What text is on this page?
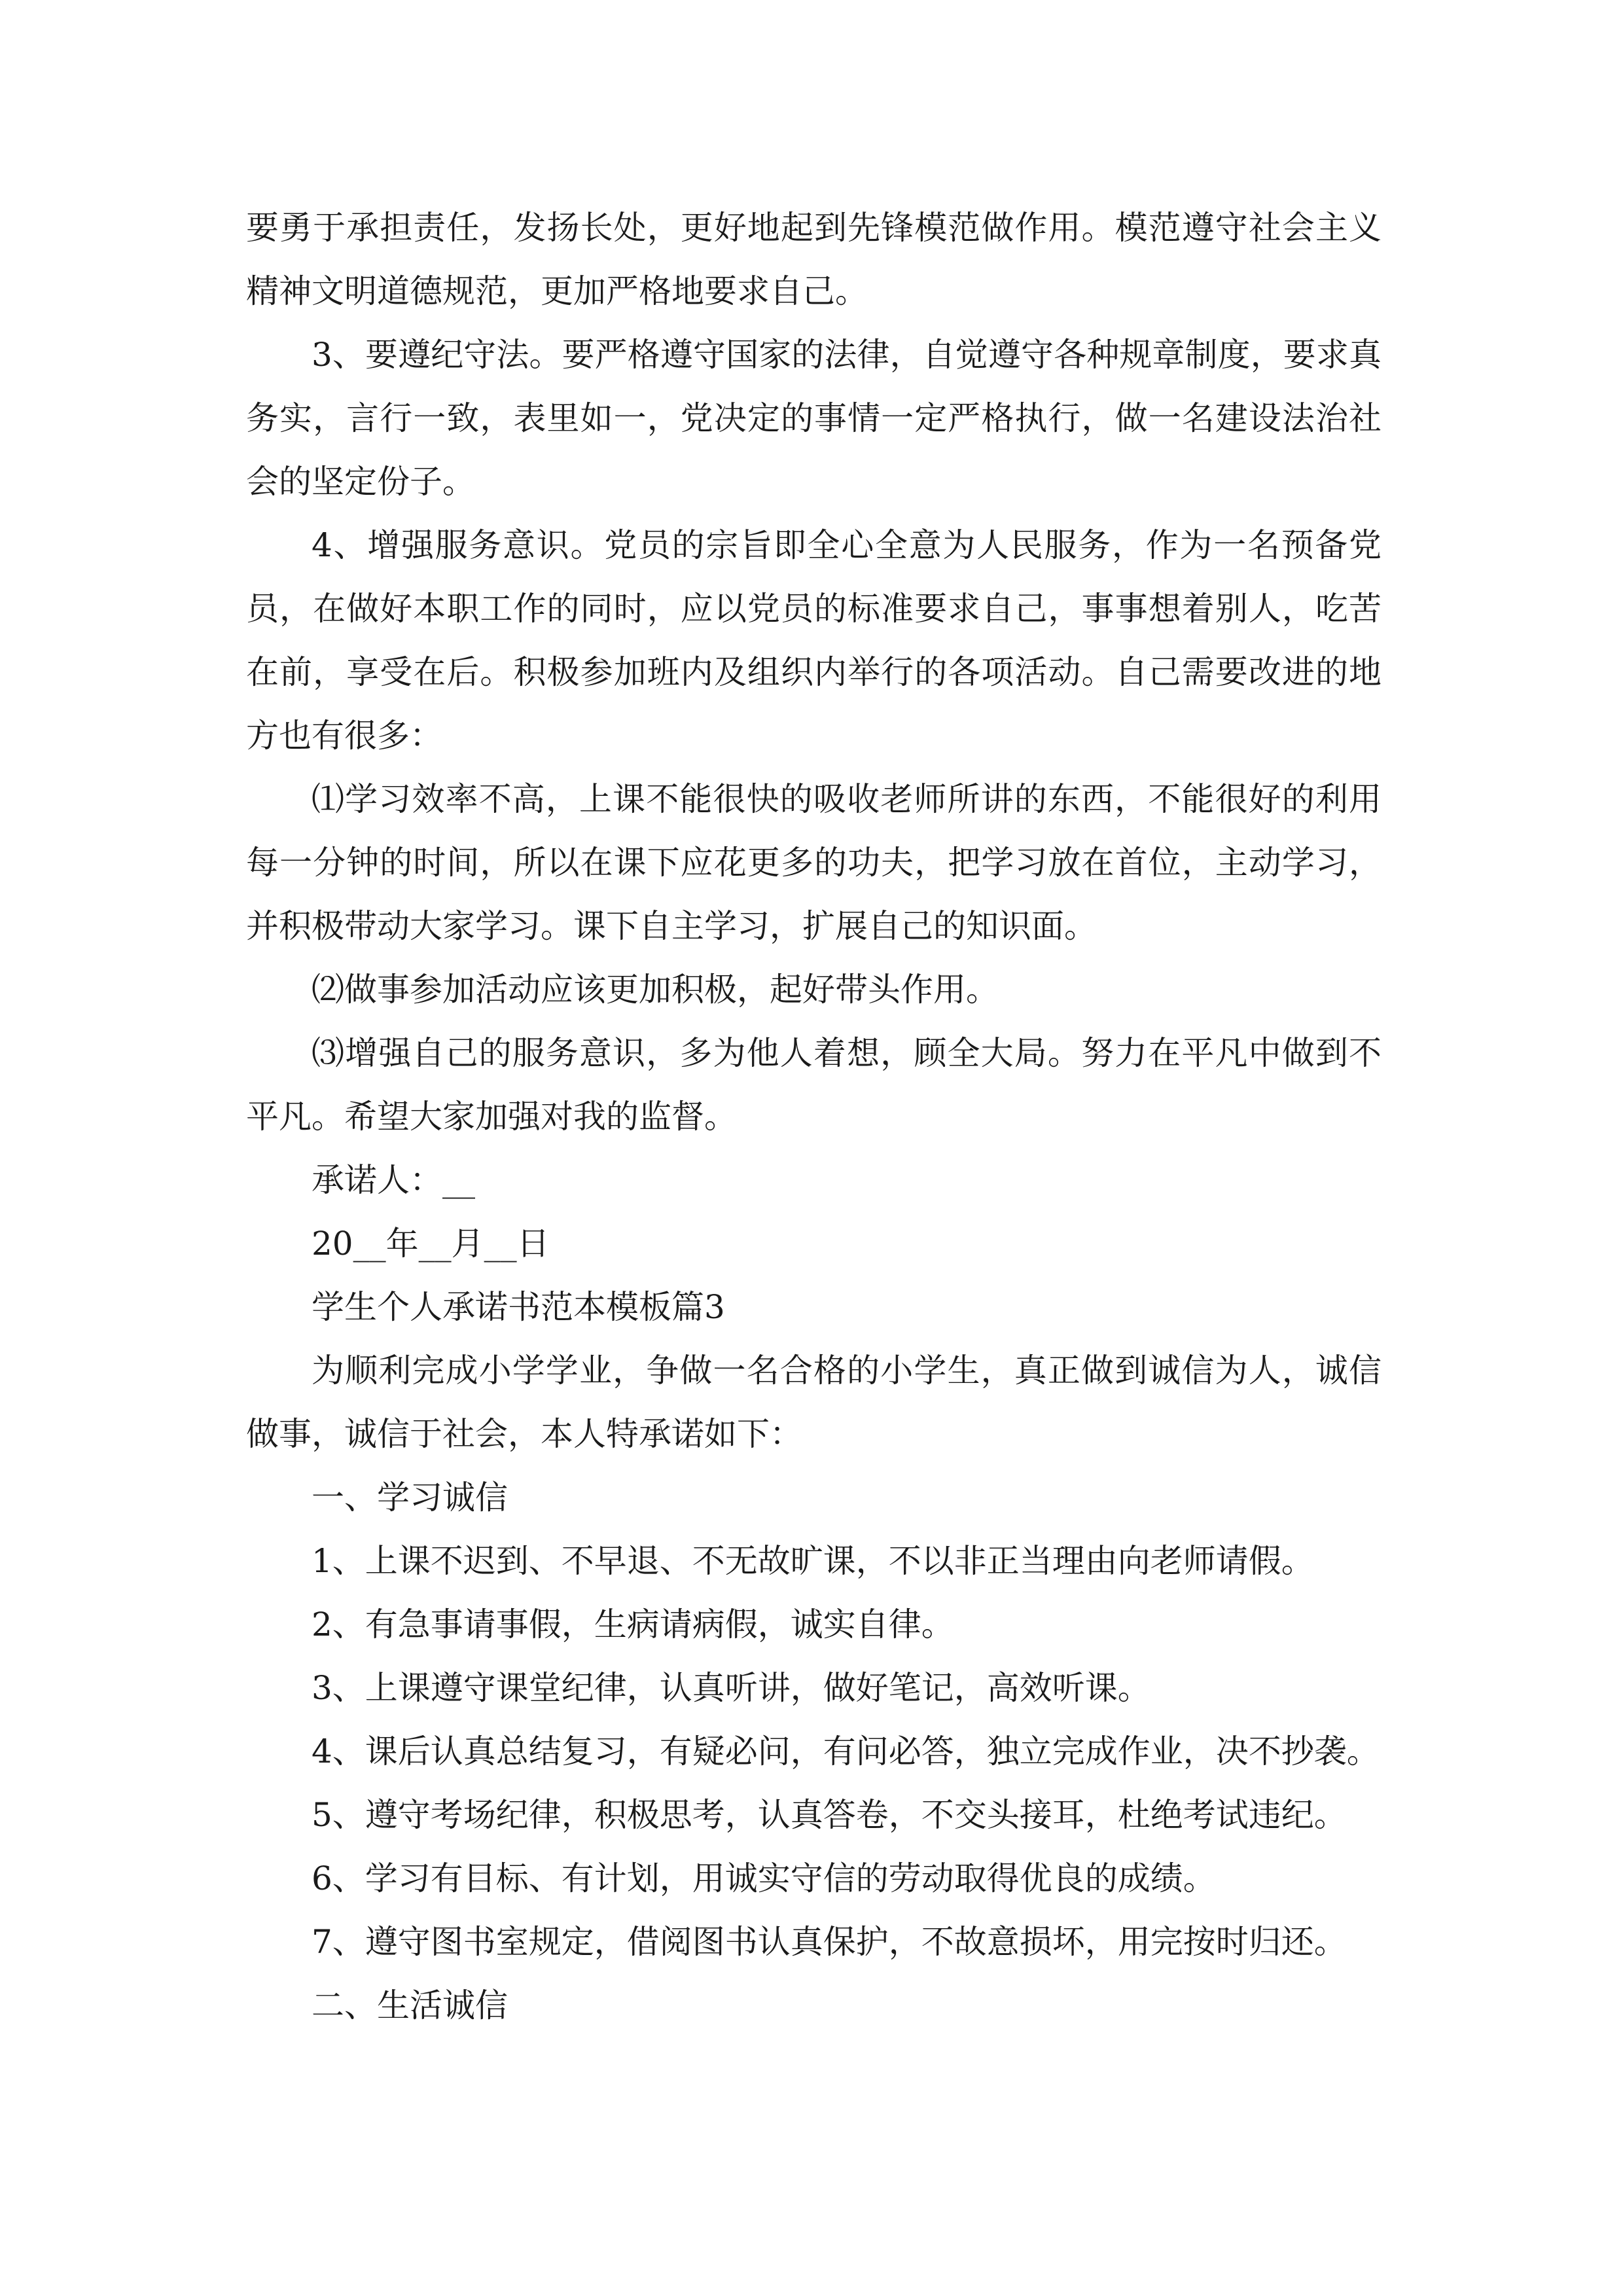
要勇于承担责任，发扬长处，更好地起到先锋模范做作用。模范遵守社会主义精神文明道德规范，更加严格地要求自己。

3、要遵纪守法。要严格遵守国家的法律，自觉遵守各种规章制度，要求真务实，言行一致，表里如一，党决定的事情一定严格执行，做一名建设法治社会的坚定份子。

4、增强服务意识。党员的宗旨即全心全意为人民服务，作为一名预备党员，在做好本职工作的同时，应以党员的标准要求自己，事事想着别人，吃苦在前，享受在后。积极参加班内及组织内举行的各项活动。自己需要改进的地方也有很多：

⑴学习效率不高，上课不能很快的吸收老师所讲的东西，不能很好的利用每一分钟的时间，所以在课下应花更多的功夫，把学习放在首位，主动学习，并积极带动大家学习。课下自主学习，扩展自己的知识面。

⑵做事参加活动应该更加积极，起好带头作用。

⑶增强自己的服务意识，多为他人着想，顾全大局。努力在平凡中做到不平凡。希望大家加强对我的监督。

承诺人：__

20__年__月__日

学生个人承诺书范本模板篇3

为顺利完成小学学业，争做一名合格的小学生，真正做到诚信为人，诚信做事，诚信于社会，本人特承诺如下：

一、学习诚信

1、上课不迟到、不早退、不无故旷课，不以非正当理由向老师请假。

2、有急事请事假，生病请病假，诚实自律。

3、上课遵守课堂纪律，认真听讲，做好笔记，高效听课。

4、课后认真总结复习，有疑必问，有问必答，独立完成作业，决不抄袭。

5、遵守考场纪律，积极思考，认真答卷，不交头接耳，杜绝考试违纪。

6、学习有目标、有计划，用诚实守信的劳动取得优良的成绩。

7、遵守图书室规定，借阅图书认真保护，不故意损坏，用完按时归还。

二、生活诚信
